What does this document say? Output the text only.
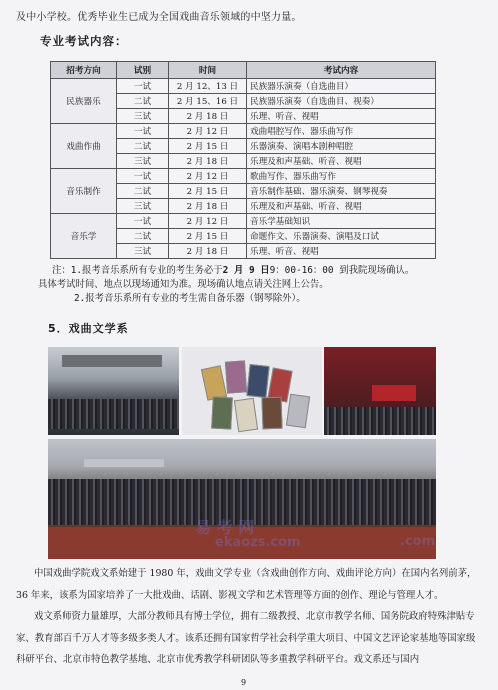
及中小学校。优秀毕业生已成为全国戏曲音乐领域的中坚力量。
专业考试内容：
招考方向	试别	时间	考试内容
民族器乐	一试	2 月 12、13 日	民族器乐演奏（自选曲目）
	二试	2 月 15、16 日	民族器乐演奏（自选曲目、视奏）
	三试	2 月 18 日	乐理、听音、视唱
戏曲作曲	一试	2 月 12 日	戏曲唱腔写作、器乐曲写作
	二试	2 月 15 日	乐器演奏、演唱本剧种唱腔
	三试	2 月 18 日	乐理及和声基础、听音、视唱
音乐制作	一试	2 月 12 日	歌曲写作、器乐曲写作
	二试	2 月 15 日	音乐制作基础、器乐演奏、钢琴视奏
	三试	2 月 18 日	乐理及和声基础、听音、视唱
音乐学	一试	2 月 12 日	音乐学基础知识
	二试	2 月 15 日	命题作文、乐器演奏、演唱及口试
	三试	2 月 18 日	乐理、听音、视唱

注：1.报考音乐系所有专业的考生务必于2 月 9 日9：00-16：00 到我院现场确认。

具体考试时间、地点以现场通知为准。现场确认地点请关注网上公告。

2.报考音乐系所有专业的考生需自备乐器（钢琴除外）。

5．戏曲文学系
易 考 网
ekaozs.com	.com

中国戏曲学院戏文系始建于 1980 年，戏曲文学专业（含戏曲创作方向、戏曲评论方向）在国内名列前茅，36 年来，该系为国家培养了一大批戏曲、话剧、影视文学和艺术管理等方面的创作、理论与管理人才。

戏文系师资力量雄厚，大部分教师具有博士学位，拥有二级教授、北京市教学名师、国务院政府特殊津贴专家、教育部百千万人才等多级多类人才。该系还拥有国家哲学社会科学重大项目、中国文艺评论家基地等国家级科研平台、北京市特色教学基地、北京市优秀教学科研团队等多重教学科研平台。戏文系还与国内

9
